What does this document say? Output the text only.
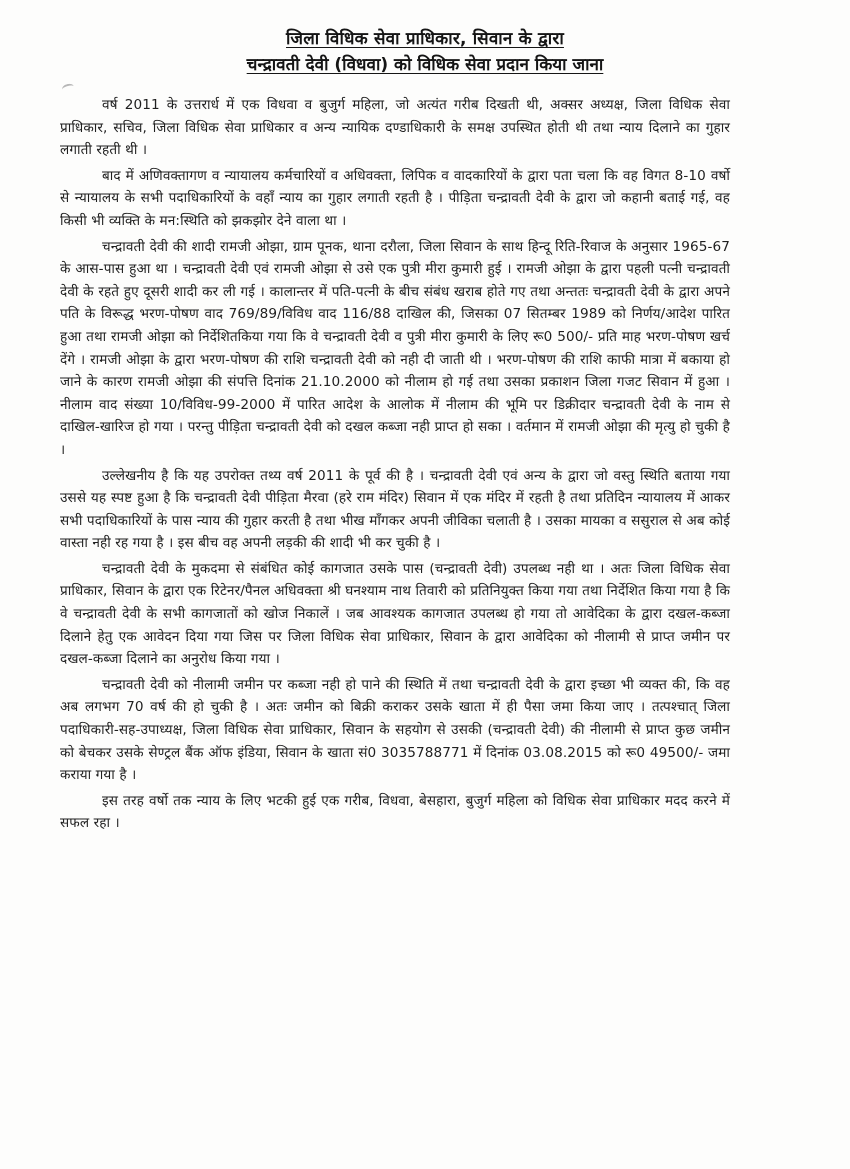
जिला विधिक सेवा प्राधिकार, सिवान के द्वारा
चन्द्रावती देवी (विधवा) को विधिक सेवा प्रदान किया जाना

वर्ष 2011 के उत्तरार्ध में एक विधवा व बुजुर्ग महिला, जो अत्यंत गरीब दिखती थी, अक्सर अध्यक्ष, जिला विधिक सेवा प्राधिकार, सचिव, जिला विधिक सेवा प्राधिकार व अन्य न्यायिक दण्डाधिकारी के समक्ष उपस्थित होती थी तथा न्याय दिलाने का गुहार लगाती रहती थी ।

बाद में अणिवक्तागण व न्यायालय कर्मचारियों व अधिवक्ता, लिपिक व वादकारियों के द्वारा पता चला कि वह विगत 8-10 वर्षो से न्यायालय के सभी पदाधिकारियों के वहाँ न्याय का गुहार लगाती रहती है । पीड़िता चन्द्रावती देवी के द्वारा जो कहानी बताई गई, वह किसी भी व्यक्ति के मन:स्थिति को झकझोर देने वाला था ।

चन्द्रावती देवी की शादी रामजी ओझा, ग्राम पूनक, थाना दरौला, जिला सिवान के साथ हिन्दू रिति-रिवाज के अनुसार 1965-67 के आस-पास हुआ था । चन्द्रावती देवी एवं रामजी ओझा से उसे एक पुत्री मीरा कुमारी हुई । रामजी ओझा के द्वारा पहली पत्नी चन्द्रावती देवी के रहते हुए दूसरी शादी कर ली गई । कालान्तर में पति-पत्नी के बीच संबंध खराब होते गए तथा अन्ततः चन्द्रावती देवी के द्वारा अपने पति के विरूद्ध भरण-पोषण वाद 769/89/विविध वाद 116/88 दाखिल की, जिसका 07 सितम्बर 1989 को निर्णय/आदेश पारित हुआ तथा रामजी ओझा को निर्देशितकिया गया कि वे चन्द्रावती देवी व पुत्री मीरा कुमारी के लिए रू0 500/- प्रति माह भरण-पोषण खर्च देंगे । रामजी ओझा के द्वारा भरण-पोषण की राशि चन्द्रावती देवी को नही दी जाती थी । भरण-पोषण की राशि काफी मात्रा में बकाया हो जाने के कारण रामजी ओझा की संपत्ति दिनांक 21.10.2000 को नीलाम हो गई तथा उसका प्रकाशन जिला गजट सिवान में हुआ । नीलाम वाद संख्या 10/विविध-99-2000 में पारित आदेश के आलोक में नीलाम की भूमि पर डिक्रीदार चन्द्रावती देवी के नाम से दाखिल-खारिज हो गया । परन्तु पीड़िता चन्द्रावती देवी को दखल कब्जा नही प्राप्त हो सका । वर्तमान में रामजी ओझा की मृत्यु हो चुकी है ।

उल्लेखनीय है कि यह उपरोक्त तथ्य वर्ष 2011 के पूर्व की है । चन्द्रावती देवी एवं अन्य के द्वारा जो वस्तु स्थिति बताया गया उससे यह स्पष्ट हुआ है कि चन्द्रावती देवी पीड़िता मैरवा (हरे राम मंदिर) सिवान में एक मंदिर में रहती है तथा प्रतिदिन न्यायालय में आकर सभी पदाधिकारियों के पास न्याय की गुहार करती है तथा भीख माँगकर अपनी जीविका चलाती है । उसका मायका व ससुराल से अब कोई वास्ता नही रह गया है । इस बीच वह अपनी लड़की की शादी भी कर चुकी है ।

चन्द्रावती देवी के मुकदमा से संबंधित कोई कागजात उसके पास (चन्द्रावती देवी) उपलब्ध नही था । अतः जिला विधिक सेवा प्राधिकार, सिवान के द्वारा एक रिटेनर/पैनल अधिवक्ता श्री घनश्याम नाथ तिवारी को प्रतिनियुक्त किया गया तथा निर्देशित किया गया है कि वे चन्द्रावती देवी के सभी कागजातों को खोज निकालें । जब आवश्यक कागजात उपलब्ध हो गया तो आवेदिका के द्वारा दखल-कब्जा दिलाने हेतु एक आवेदन दिया गया जिस पर जिला विधिक सेवा प्राधिकार, सिवान के द्वारा आवेदिका को नीलामी से प्राप्त जमीन पर दखल-कब्जा दिलाने का अनुरोध किया गया ।

चन्द्रावती देवी को नीलामी जमीन पर कब्जा नही हो पाने की स्थिति में तथा चन्द्रावती देवी के द्वारा इच्छा भी व्यक्त की, कि वह अब लगभग 70 वर्ष की हो चुकी है । अतः जमीन को बिक्री कराकर उसके खाता में ही पैसा जमा किया जाए । तत्पश्चात् जिला पदाधिकारी-सह-उपाध्यक्ष, जिला विधिक सेवा प्राधिकार, सिवान के सहयोग से उसकी (चन्द्रावती देवी) की नीलामी से प्राप्त कुछ जमीन को बेचकर उसके सेण्ट्रल बैंक ऑफ इंडिया, सिवान के खाता सं0 3035788771 में दिनांक 03.08.2015 को रू0 49500/- जमा कराया गया है ।

इस तरह वर्षो तक न्याय के लिए भटकी हुई एक गरीब, विधवा, बेसहारा, बुजुर्ग महिला को विधिक सेवा प्राधिकार मदद करने में सफल रहा ।
